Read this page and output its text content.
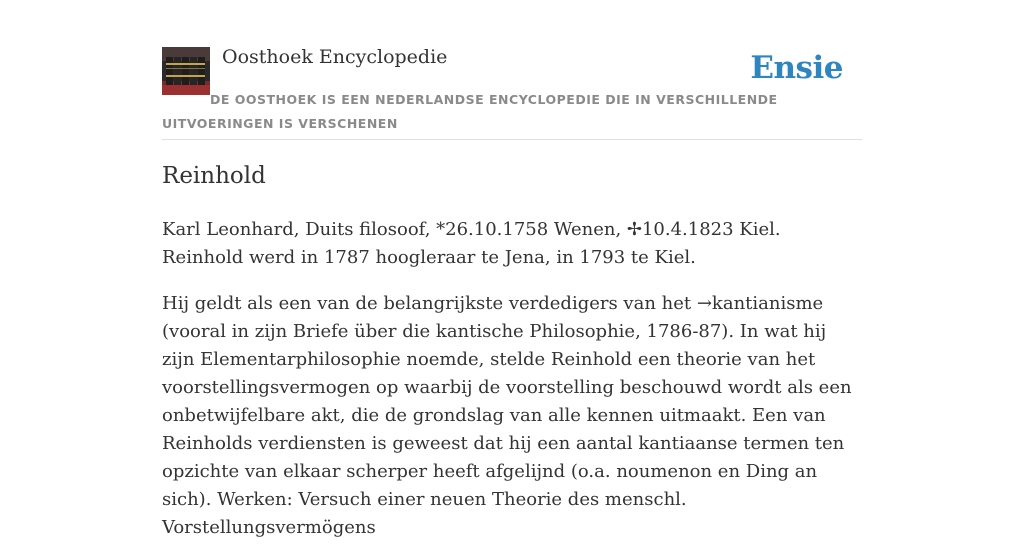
Oosthoek Encyclopedie	Ensie
DE OOSTHOEK IS EEN NEDERLANDSE ENCYCLOPEDIE DIE IN VERSCHILLENDE UITVOERINGEN IS VERSCHENEN
Reinhold

Karl Leonhard, Duits filosoof, *26.10.1758 Wenen, ✢10.4.1823 Kiel. Reinhold werd in 1787 hoogleraar te Jena, in 1793 te Kiel.

Hij geldt als een van de belangrijkste verdedigers van het →kantianisme (vooral in zijn Briefe über die kantische Philosophie, 1786-87). In wat hij zijn Elementarphilosophie noemde, stelde Reinhold een theorie van het voorstellingsvermogen op waarbij de voorstelling beschouwd wordt als een onbetwijfelbare akt, die de grondslag van alle kennen uitmaakt. Een van Reinholds verdiensten is geweest dat hij een aantal kantiaanse termen ten opzichte van elkaar scherper heeft afgelijnd (o.a. noumenon en Ding an sich). Werken: Versuch einer neuen Theorie des menschl. Vorstellungsvermögens
